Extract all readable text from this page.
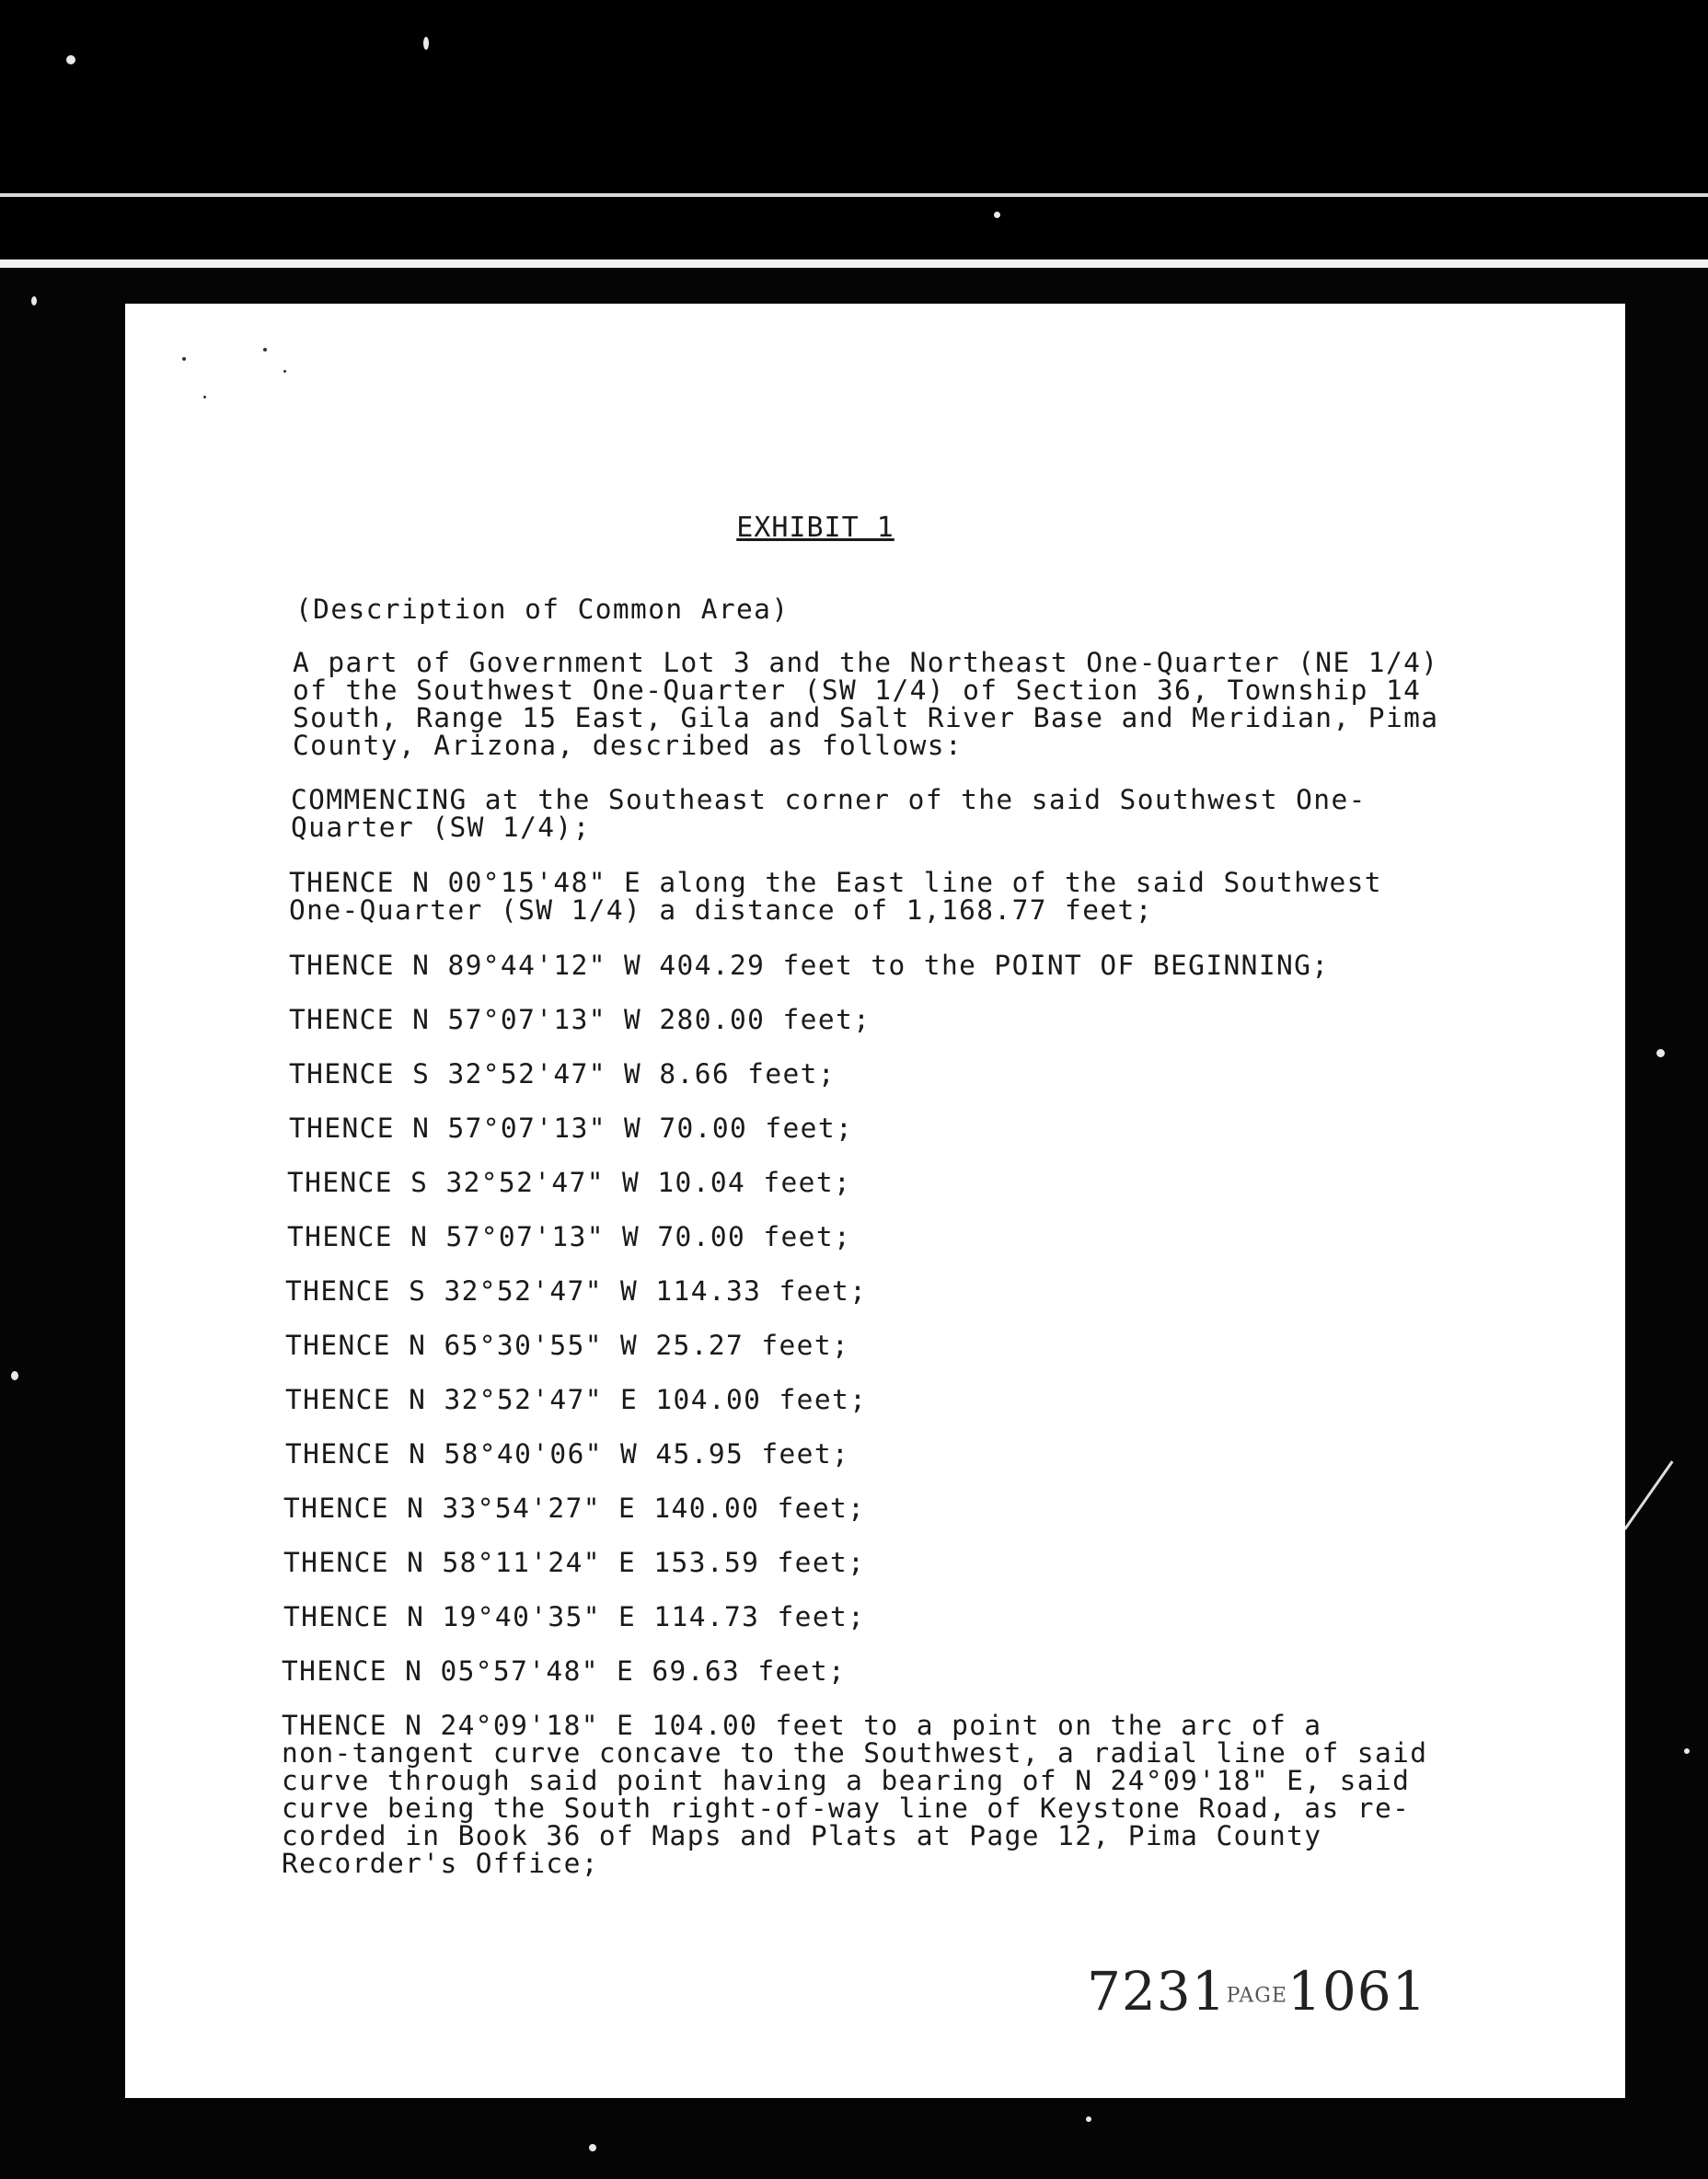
EXHIBIT 1
(Description of Common Area)
A part of Government Lot 3 and the Northeast One-Quarter (NE 1/4)
of the Southwest One-Quarter (SW 1/4) of Section 36, Township 14
South, Range 15 East, Gila and Salt River Base and Meridian, Pima
County, Arizona, described as follows:
COMMENCING at the Southeast corner of the said Southwest One-
Quarter (SW 1/4);
THENCE N 00°15'48" E along the East line of the said Southwest
One-Quarter (SW 1/4) a distance of 1,168.77 feet;
THENCE N 89°44'12" W 404.29 feet to the POINT OF BEGINNING;
THENCE N 57°07'13" W 280.00 feet;
THENCE S 32°52'47" W 8.66 feet;
THENCE N 57°07'13" W 70.00 feet;
THENCE S 32°52'47" W 10.04 feet;
THENCE N 57°07'13" W 70.00 feet;
THENCE S 32°52'47" W 114.33 feet;
THENCE N 65°30'55" W 25.27 feet;
THENCE N 32°52'47" E 104.00 feet;
THENCE N 58°40'06" W 45.95 feet;
THENCE N 33°54'27" E 140.00 feet;
THENCE N 58°11'24" E 153.59 feet;
THENCE N 19°40'35" E 114.73 feet;
THENCE N 05°57'48" E 69.63 feet;
THENCE N 24°09'18" E 104.00 feet to a point on the arc of a
non-tangent curve concave to the Southwest, a radial line of said
curve through said point having a bearing of N 24°09'18" E, said
curve being the South right-of-way line of Keystone Road, as re-
corded in Book 36 of Maps and Plats at Page 12, Pima County
Recorder's Office;
7231PAGE1061
